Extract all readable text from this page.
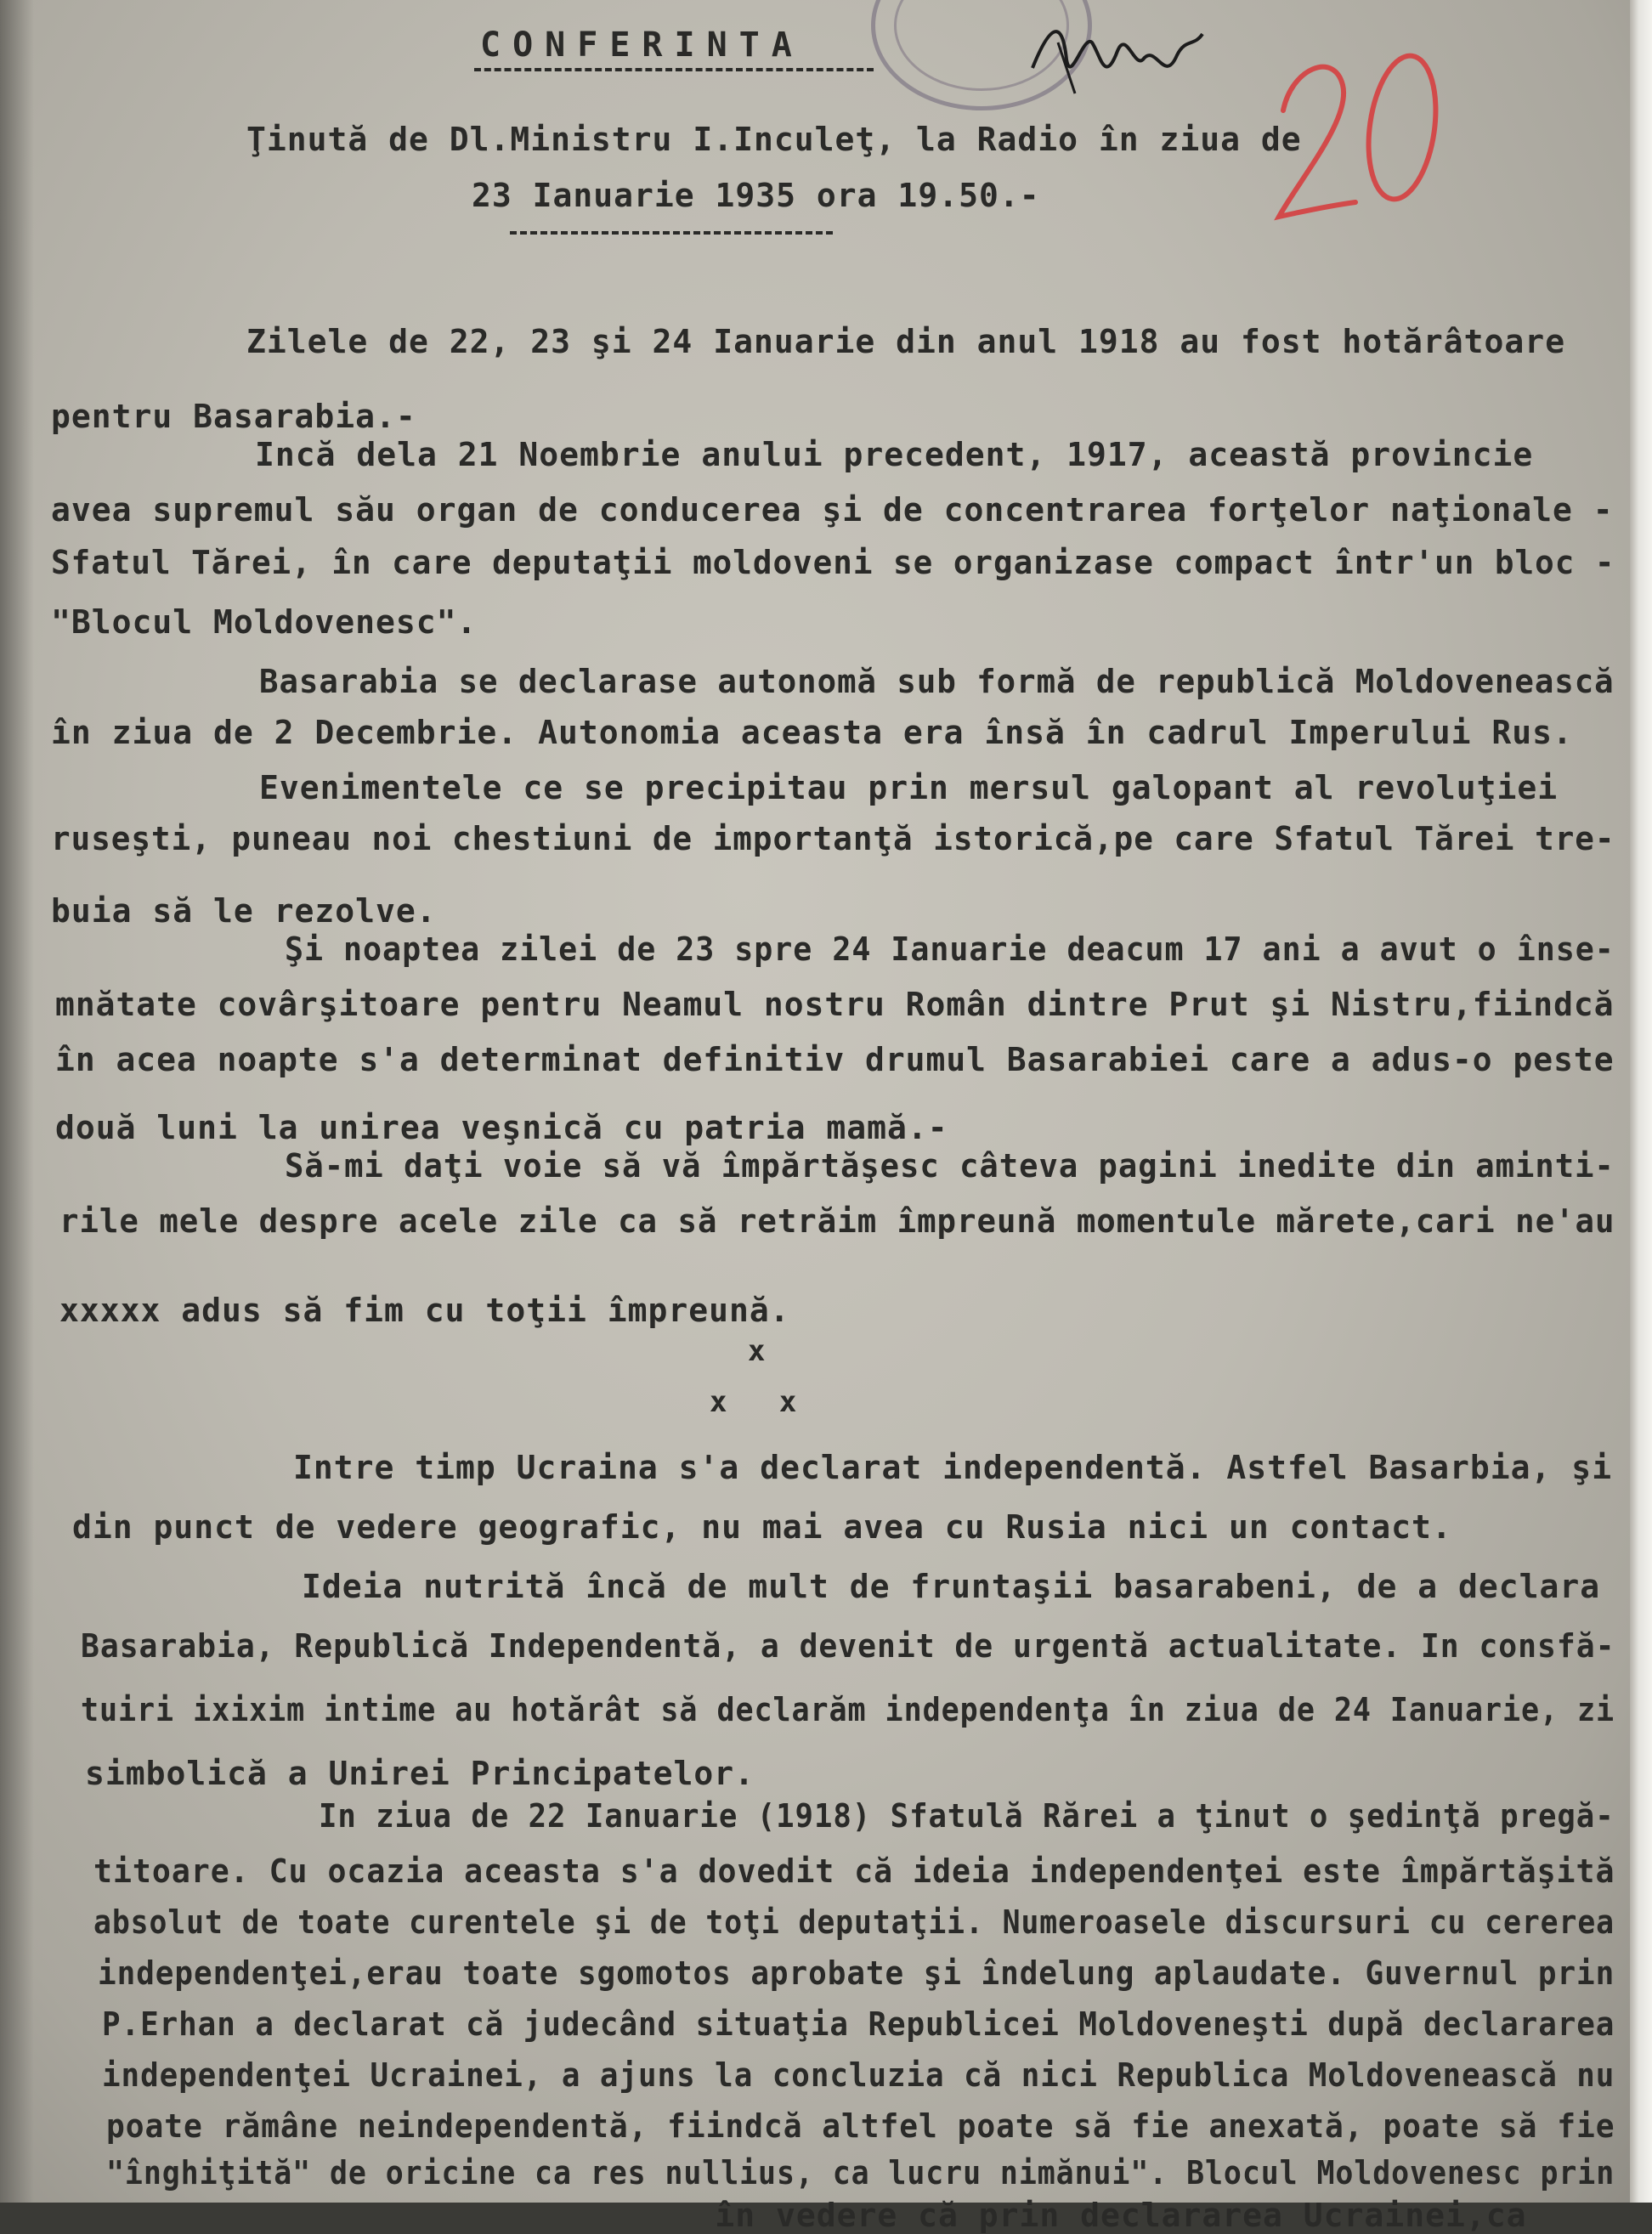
CONFERINTA
Ţinută de Dl.Ministru I.Inculeţ, la Radio în ziua de
23 Ianuarie 1935 ora 19.50.-
Zilele de 22, 23 şi 24 Ianuarie din anul 1918 au fost hotărâtoare
pentru Basarabia.-
Incă dela 21 Noembrie anului precedent, 1917, această provincie
avea supremul său organ de conducerea şi de concentrarea forţelor naţionale -
Sfatul Tărei, în care deputaţii moldoveni se organizase compact într'un bloc -
"Blocul Moldovenesc".
Basarabia se declarase autonomă sub formă de republică Moldovenească
în ziua de 2 Decembrie. Autonomia aceasta era însă în cadrul Imperului Rus.
Evenimentele ce se precipitau prin mersul galopant al revoluţiei
ruseşti, puneau noi chestiuni de importanţă istorică,pe care Sfatul Tărei tre-
buia să le rezolve.
Şi noaptea zilei de 23 spre 24 Ianuarie deacum 17 ani a avut o înse-
mnătate covârşitoare pentru Neamul nostru Român dintre Prut şi Nistru,fiindcă
în acea noapte s'a determinat definitiv drumul Basarabiei care a adus-o peste
două luni la unirea veşnică cu patria mamă.-
Să-mi daţi voie să vă împărtăşesc câteva pagini inedite din aminti-
rile mele despre acele zile ca să retrăim împreună momentule mărete,cari ne'au
xxxxx adus să fim cu toţii împreună.
x
x   x
Intre timp Ucraina s'a declarat independentă. Astfel Basarbia, şi
din punct de vedere geografic, nu mai avea cu Rusia nici un contact.
Ideia nutrită încă de mult de fruntaşii basarabeni, de a declara
Basarabia, Republică Independentă, a devenit de urgentă actualitate. In consfă-
tuiri ixixim intime au hotărât să declarăm independenţa în ziua de 24 Ianuarie, zi
simbolică a Unirei Principatelor.
In ziua de 22 Ianuarie (1918) Sfatulă Rărei a ţinut o şedinţă pregă-
titoare. Cu ocazia aceasta s'a dovedit că ideia independenţei este împărtăşită
absolut de toate curentele şi de toţi deputaţii. Numeroasele discursuri cu cererea
independenţei,erau toate sgomotos aprobate şi îndelung aplaudate. Guvernul prin
P.Erhan a declarat că judecând situaţia Republicei Moldoveneşti după declararea
independenţei Ucrainei, a ajuns la concluzia că nici Republica Moldovenească nu
poate rămâne neindependentă, fiindcă altfel poate să fie anexată, poate să fie
"înghiţită" de oricine ca res nullius, ca lucru nimănui". Blocul Moldovenesc prin
în vedere că prin declararea Ucrainei,ca
